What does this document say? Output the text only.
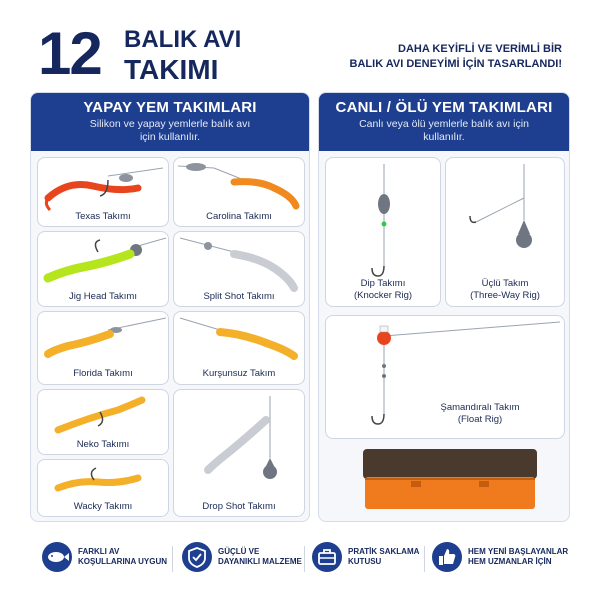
12 BALIK AVI
TAKIMI
DAHA KEYİFLİ VE VERİMLİ BİR
BALIK AVI DENEYİMİ İÇİN TASARLANDI!
YAPAY YEM TAKIMLARI
Silikon ve yapay yemlerle balık avı için kullanılır.
Texas Takımı	Carolina Takımı
Jig Head Takımı	Split Shot Takımı
Florida Takımı	Kurşunsuz Takım
Neko Takımı
Drop Shot Takımı
Wacky Takımı
CANLI / ÖLÜ YEM TAKIMLARI
Canlı veya ölü yemlerle balık avı için kullanılır.
Dip Takımı
(Knocker Rig)
Üçlü Takım
(Three-Way Rig)
Şamandıralı Takım
(Float Rig)
FARKLI AV
KOŞULLARINA UYGUN
GÜÇLÜ VE
DAYANIKLI MALZEME
PRATİK SAKLAMA
KUTUSU
HEM YENİ BAŞLAYANLAR
HEM UZMANLAR İÇİN
